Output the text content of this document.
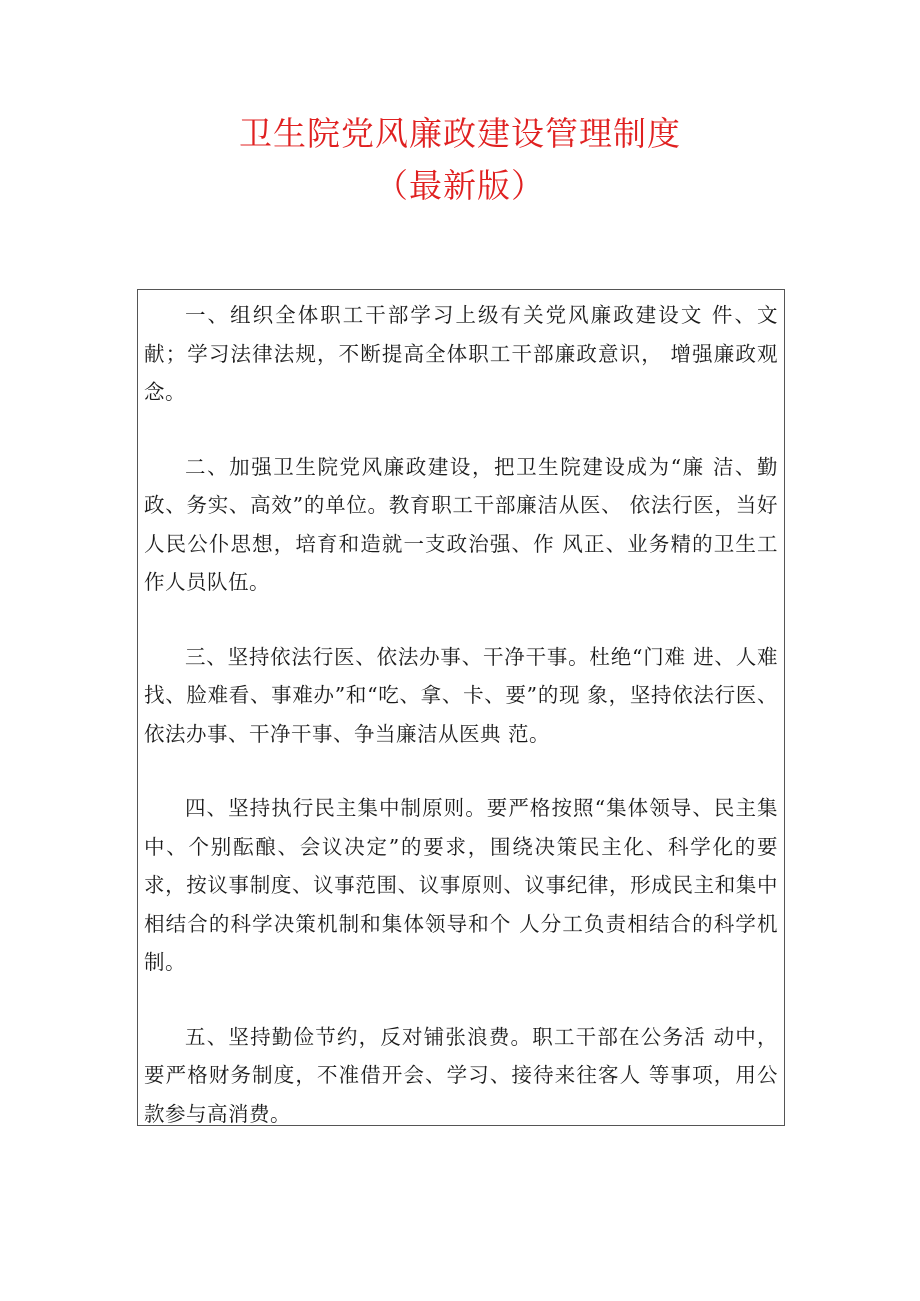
卫生院党风廉政建设管理制度
（最新版）

一、组织全体职工干部学习上级有关党风廉政建设文 件、文献；学习法律法规，不断提高全体职工干部廉政意识， 增强廉政观念。

二、加强卫生院党风廉政建设，把卫生院建设成为“廉 洁、勤政、务实、高效”的单位。教育职工干部廉洁从医、 依法行医，当好人民公仆思想，培育和造就一支政治强、作 风正、业务精的卫生工作人员队伍。

三、坚持依法行医、依法办事、干净干事。杜绝“门难 进、人难找、脸难看、事难办”和“吃、拿、卡、要”的现 象，坚持依法行医、依法办事、干净干事、争当廉洁从医典 范。

四、坚持执行民主集中制原则。要严格按照“集体领导、民主集中、个别酝酿、会议决定”的要求，围绕决策民主化、科学化的要求，按议事制度、议事范围、议事原则、议事纪律，形成民主和集中相结合的科学决策机制和集体领导和个 人分工负责相结合的科学机制。

五、坚持勤俭节约，反对铺张浪费。职工干部在公务活 动中，要严格财务制度，不准借开会、学习、接待来往客人 等事项，用公款参与高消费。
